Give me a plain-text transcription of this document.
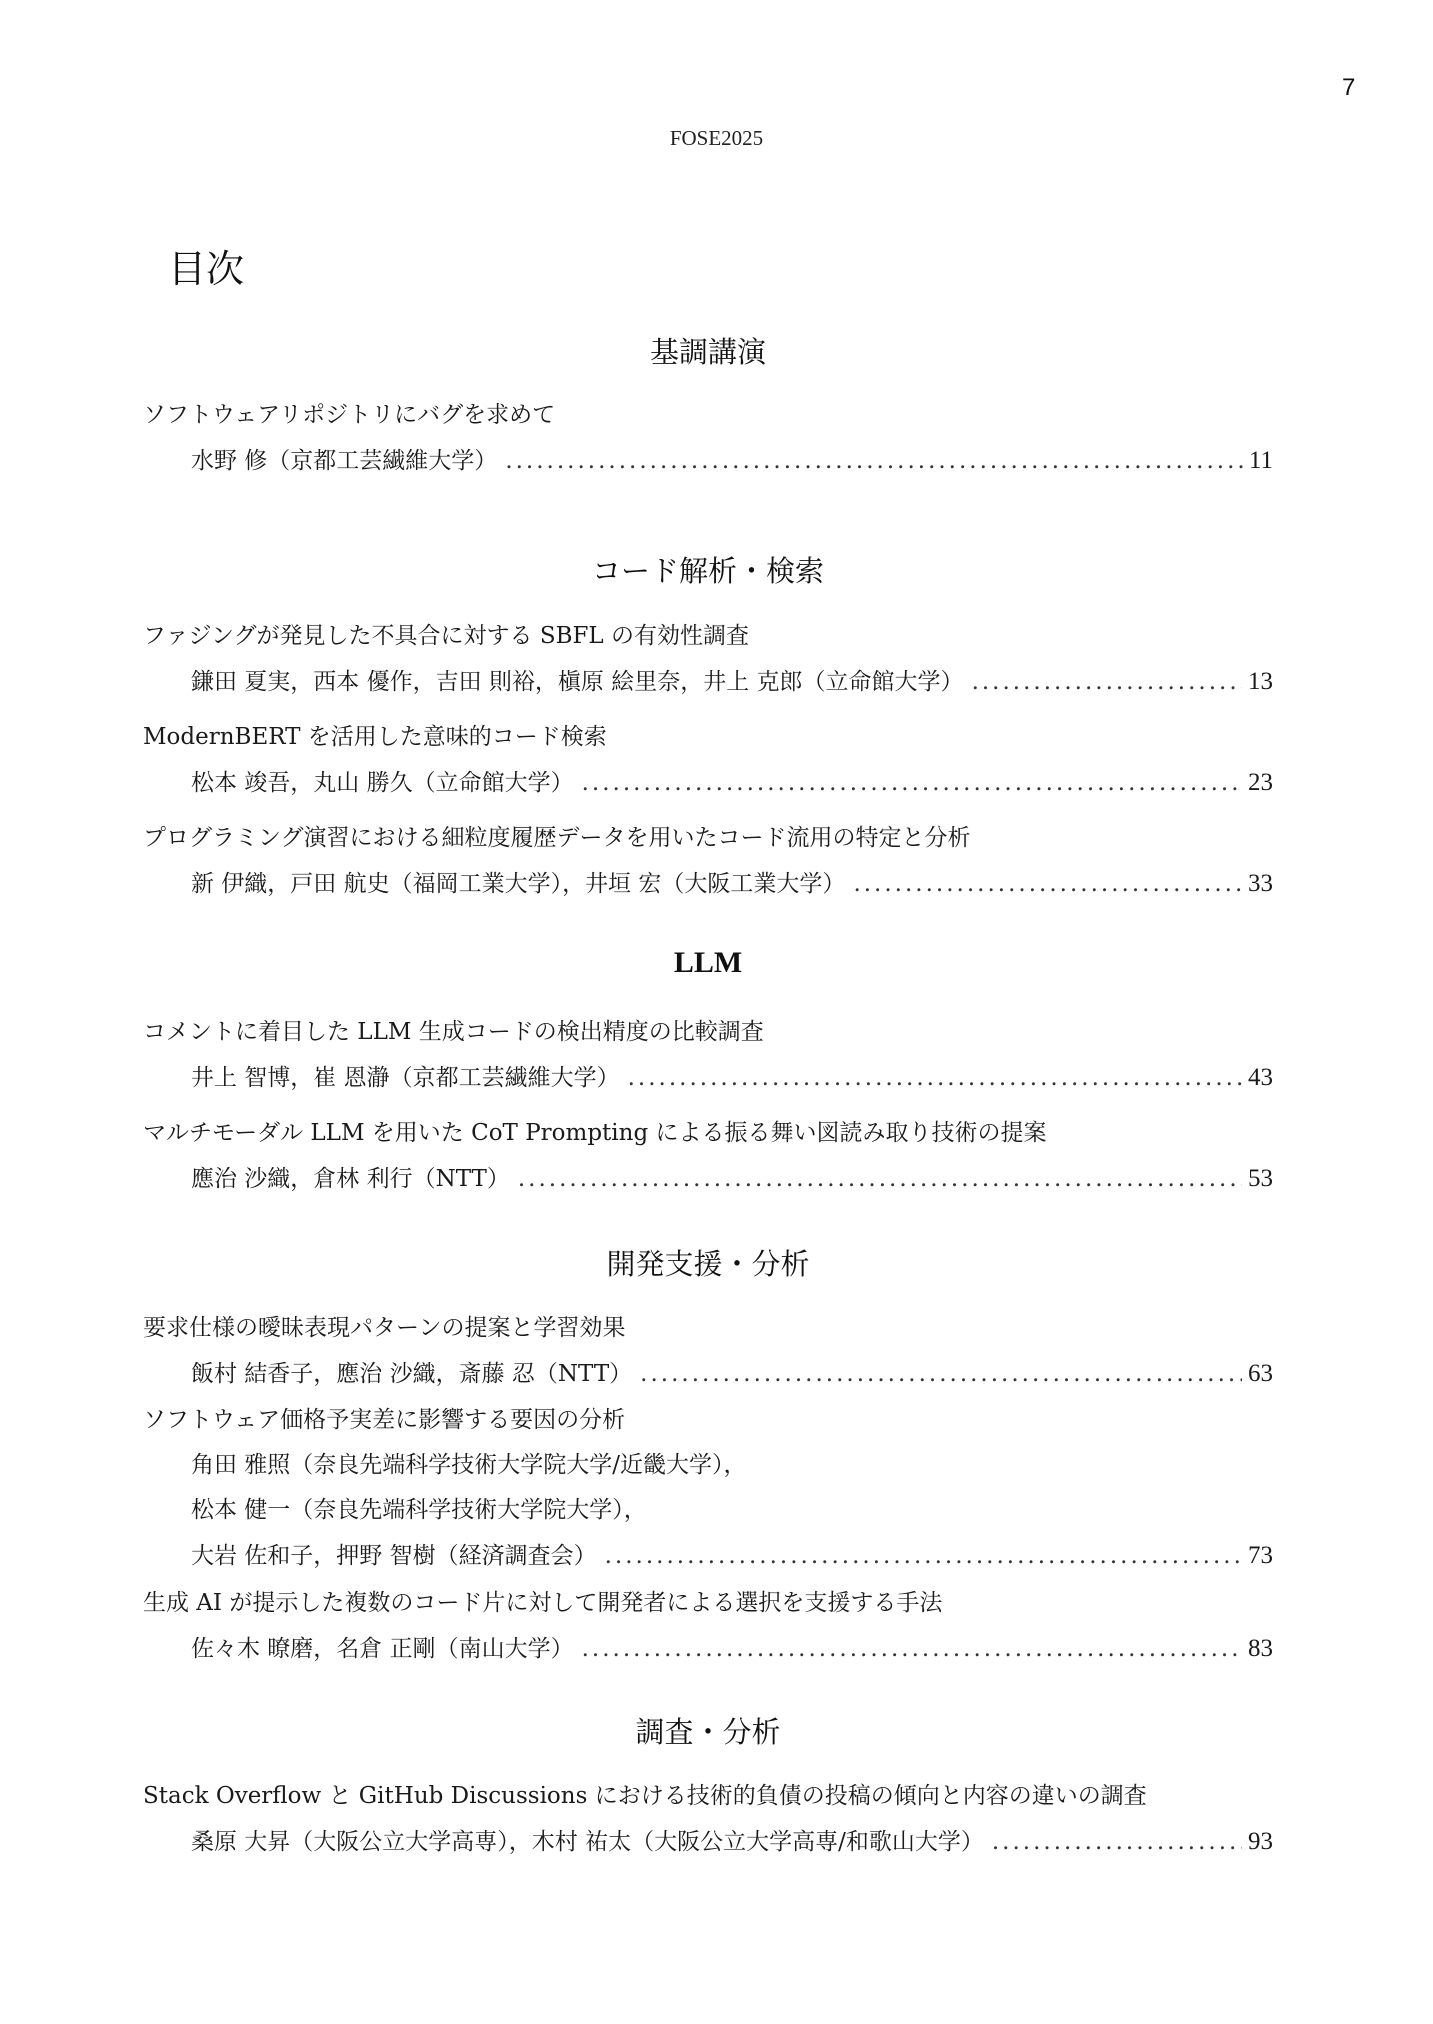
7
FOSE2025
目次
基調講演
ソフトウェアリポジトリにバグを求めて
水野 修（京都工芸繊維大学） .....	11
コード解析・検索
ファジングが発見した不具合に対する SBFL の有効性調査
鎌田 夏実，西本 優作，吉田 則裕，槇原 絵里奈，井上 克郎（立命館大学） .....	13
ModernBERT を活用した意味的コード検索
松本 竣吾，丸山 勝久（立命館大学） .....	23
プログラミング演習における細粒度履歴データを用いたコード流用の特定と分析
新 伊織，戸田 航史（福岡工業大学），井垣 宏（大阪工業大学） .....	33
LLM
コメントに着目した LLM 生成コードの検出精度の比較調査
井上 智博，崔 恩瀞（京都工芸繊維大学） .....	43
マルチモーダル LLM を用いた CoT Prompting による振る舞い図読み取り技術の提案
應治 沙織，倉林 利行（NTT） .....	53
開発支援・分析
要求仕様の曖昧表現パターンの提案と学習効果
飯村 結香子，應治 沙織，斎藤 忍（NTT） .....	63
ソフトウェア価格予実差に影響する要因の分析
角田 雅照（奈良先端科学技術大学院大学/近畿大学），
松本 健一（奈良先端科学技術大学院大学），
大岩 佐和子，押野 智樹（経済調査会） .....	73
生成 AI が提示した複数のコード片に対して開発者による選択を支援する手法
佐々木 暸磨，名倉 正剛（南山大学） .....	83
調査・分析
Stack Overflow と GitHub Discussions における技術的負債の投稿の傾向と内容の違いの調査
桑原 大昇（大阪公立大学高専），木村 祐太（大阪公立大学高専/和歌山大学） .....	93
